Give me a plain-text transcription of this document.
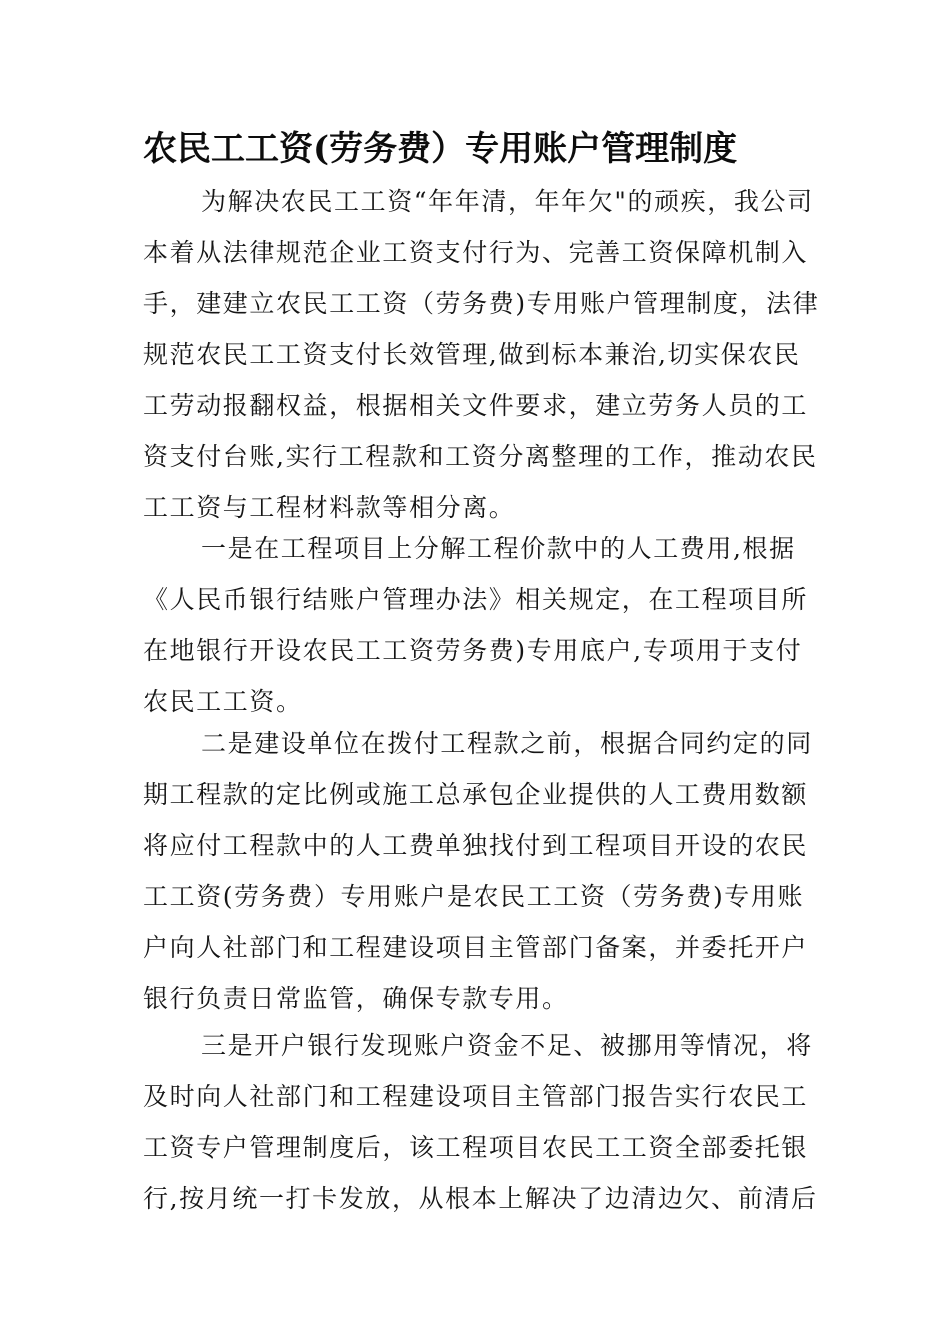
农民工工资(劳务费）专用账户管理制度
为解决农民工工资“年年清，年年欠"的顽疾，我公司
本着从法律规范企业工资支付行为、完善工资保障机制入
手，建建立农民工工资（劳务费)专用账户管理制度，法律
规范农民工工资支付长效管理,做到标本兼治,切实保农民
工劳动报翻权益，根据相关文件要求，建立劳务人员的工
资支付台账,实行工程款和工资分离整理的工作，推动农民
工工资与工程材料款等相分离。
一是在工程项目上分解工程价款中的人工费用,根据
《人民币银行结账户管理办法》相关规定，在工程项目所
在地银行开设农民工工资劳务费)专用底户,专项用于支付
农民工工资。
二是建设单位在拨付工程款之前，根据合同约定的同
期工程款的定比例或施工总承包企业提供的人工费用数额
将应付工程款中的人工费单独找付到工程项目开设的农民
工工资(劳务费）专用账户是农民工工资（劳务费)专用账
户向人社部门和工程建设项目主管部门备案，并委托开户
银行负责日常监管，确保专款专用。
三是开户银行发现账户资金不足、被挪用等情况，将
及时向人社部门和工程建设项目主管部门报告实行农民工
工资专户管理制度后，该工程项目农民工工资全部委托银
行,按月统一打卡发放，从根本上解决了边清边欠、前清后
